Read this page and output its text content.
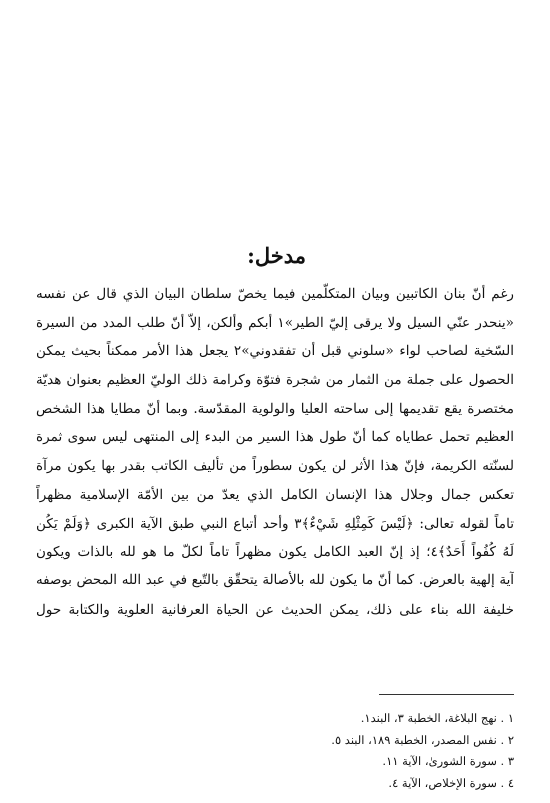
مدخل:
رغم أنّ بنان الكاتبين وبيان المتكلّمين فيما يخصّ سلطان البيان الذي قال عن نفسه
«ينحدر عنّي السيل ولا يرقى إليّ الطير»١ أبكم وألكن، إلاّ أنّ طلب المدد من السيرة
السّخية لصاحب لواء «سلوني قبل أن تفقدوني»٢ يجعل هذا الأمر ممكناً بحيث يمكن
الحصول على جملة من الثمار من شجرة فتوّة وكرامة ذلك الوليّ العظيم بعنوان هديّة
مختصرة يقع تقديمها إلى ساحته العليا والولوية المقدّسة. وبما أنّ مطايا هذا الشخص
العظيم تحمل عطاياه كما أنّ طول هذا السير من البدء إلى المنتهى ليس سوى ثمرة
لسنّته الكريمة، فإنّ هذا الأثر لن يكون سطوراً من تأليف الكاتب بقدر بها يكون مرآة
تعكس جمال وجلال هذا الإنسان الكامل الذي يعدّ من بين الأمّة الإسلامية مظهراً
تاماً لقوله تعالى: ﴿لَيْسَ كَمِثْلِهِ شَيْءٌ﴾٣ وأحد أتباع النبي طبق الآية الكبرى ﴿وَلَمْ يَكُن
لَهُ كُفُواً أَحَدٌ﴾٤؛ إذ إنّ العبد الكامل يكون مظهراً تاماً لكلّ ما هو لله بالذات ويكون
آية إلهية بالعرض. كما أنّ ما يكون لله بالأصالة يتحقّق بالتّبع في عبد الله المحض بوصفه
خليفة الله بناء على ذلك، يمكن الحديث عن الحياة العرفانية العلوية والكتابة حول
١ . نهج البلاغة، الخطبة ٣، البند١.
٢ . نفس المصدر، الخطبة ١٨٩، البند ٥.
٣ . سورة الشورىٰ، الآية ١١.
٤ . سورة الإخلاص، الآية ٤.
